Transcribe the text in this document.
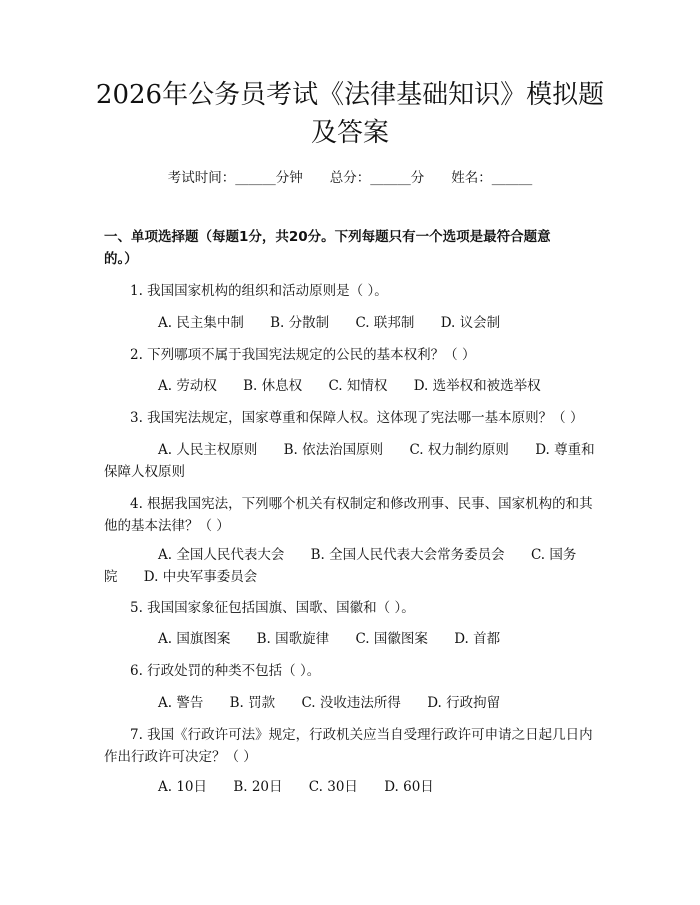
2026年公务员考试《法律基础知识》模拟题及答案
考试时间：______分钟　　总分：______分　　姓名：______
一、单项选择题（每题1分，共20分。下列每题只有一个选项是最符合题意的。）

1. 我国国家机构的组织和活动原则是（ ）。

A. 民主集中制 B. 分散制 C. 联邦制 D. 议会制

2. 下列哪项不属于我国宪法规定的公民的基本权利？（ ）

A. 劳动权 B. 休息权 C. 知情权 D. 选举权和被选举权

3. 我国宪法规定，国家尊重和保障人权。这体现了宪法哪一基本原则？（ ）

A. 人民主权原则 B. 依法治国原则 C. 权力制约原则 D. 尊重和保障人权原则

4. 根据我国宪法，下列哪个机关有权制定和修改刑事、民事、国家机构的和其他的基本法律？（ ）

A. 全国人民代表大会 B. 全国人民代表大会常务委员会 C. 国务院 D. 中央军事委员会

5. 我国国家象征包括国旗、国歌、国徽和（ ）。

A. 国旗图案 B. 国歌旋律 C. 国徽图案 D. 首都

6. 行政处罚的种类不包括（ ）。

A. 警告 B. 罚款 C. 没收违法所得 D. 行政拘留

7. 我国《行政许可法》规定，行政机关应当自受理行政许可申请之日起几日内作出行政许可决定？（ ）

A. 10日 B. 20日 C. 30日 D. 60日
